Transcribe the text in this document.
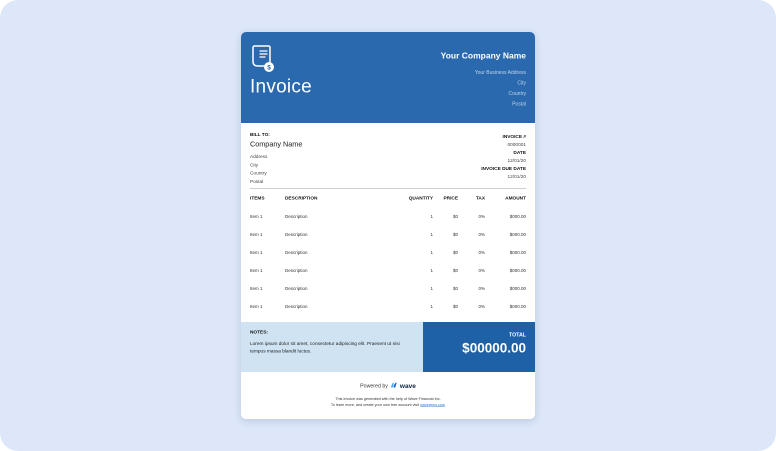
$
Invoice
Your Company Name
Your Business Address
City
Country
Postal
BILL TO:
Company Name
Address
City
Country
Postal
INVOICE #
0000001
DATE
12/01/20
INVOICE DUE DATE
12/01/20
ITEMS	DESCRIPTION	QUANTITY	PRICE	TAX	AMOUNT
Item 1	Description	1	$0	0%	$000.00
Item 1	Description	1	$0	0%	$000.00
Item 1	Description	1	$0	0%	$000.00
Item 1	Description	1	$0	0%	$000.00
Item 1	Description	1	$0	0%	$000.00
Item 1	Description	1	$0	0%	$000.00
NOTES:
Lorem ipsum dolor sit amet, consectetur adipiscing elit. Praesent ut nisi tempus massa blandit luctus.
TOTAL
$00000.00
Powered by wave
This invoice was generated with the help of Wave Financial Inc.
To learn more, and create your own free account visit waveapps.com
